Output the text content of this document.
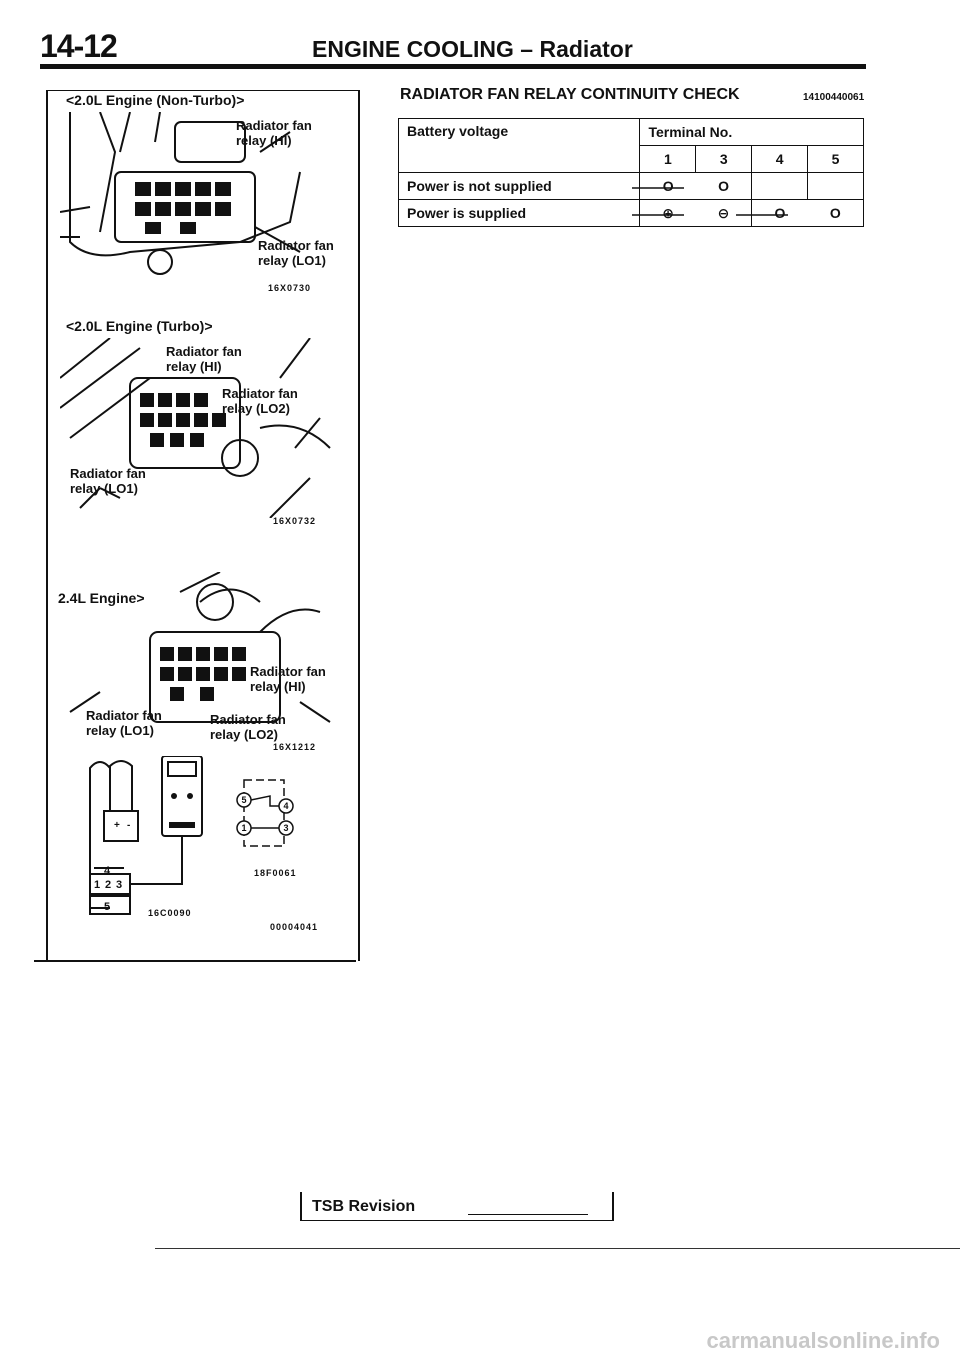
14-12	ENGINE COOLING – Radiator
<2.0L Engine (Non-Turbo)>
Radiator fan
relay (HI)
Radiator fan
relay (LO1)
16X0730
<2.0L Engine (Turbo)>
Radiator fan
relay (HI)
Radiator fan
relay (LO2)
Radiator fan
relay (LO1)
16X0732
2.4L Engine>
Radiator fan
relay (HI)
Radiator fan
relay (LO1)
Radiator fan
relay (LO2)
16X1212
+ -
1 2 3
5
4
5
4
1	3
18F0061
16C0090
00004041
RADIATOR FAN RELAY CONTINUITY CHECK	14100440061
Battery voltage	Terminal No.			
	1	3	4	5
Power is not supplied	O	O		
Power is supplied	⊕	⊖	O	O
TSB Revision
carmanualsonline.info
